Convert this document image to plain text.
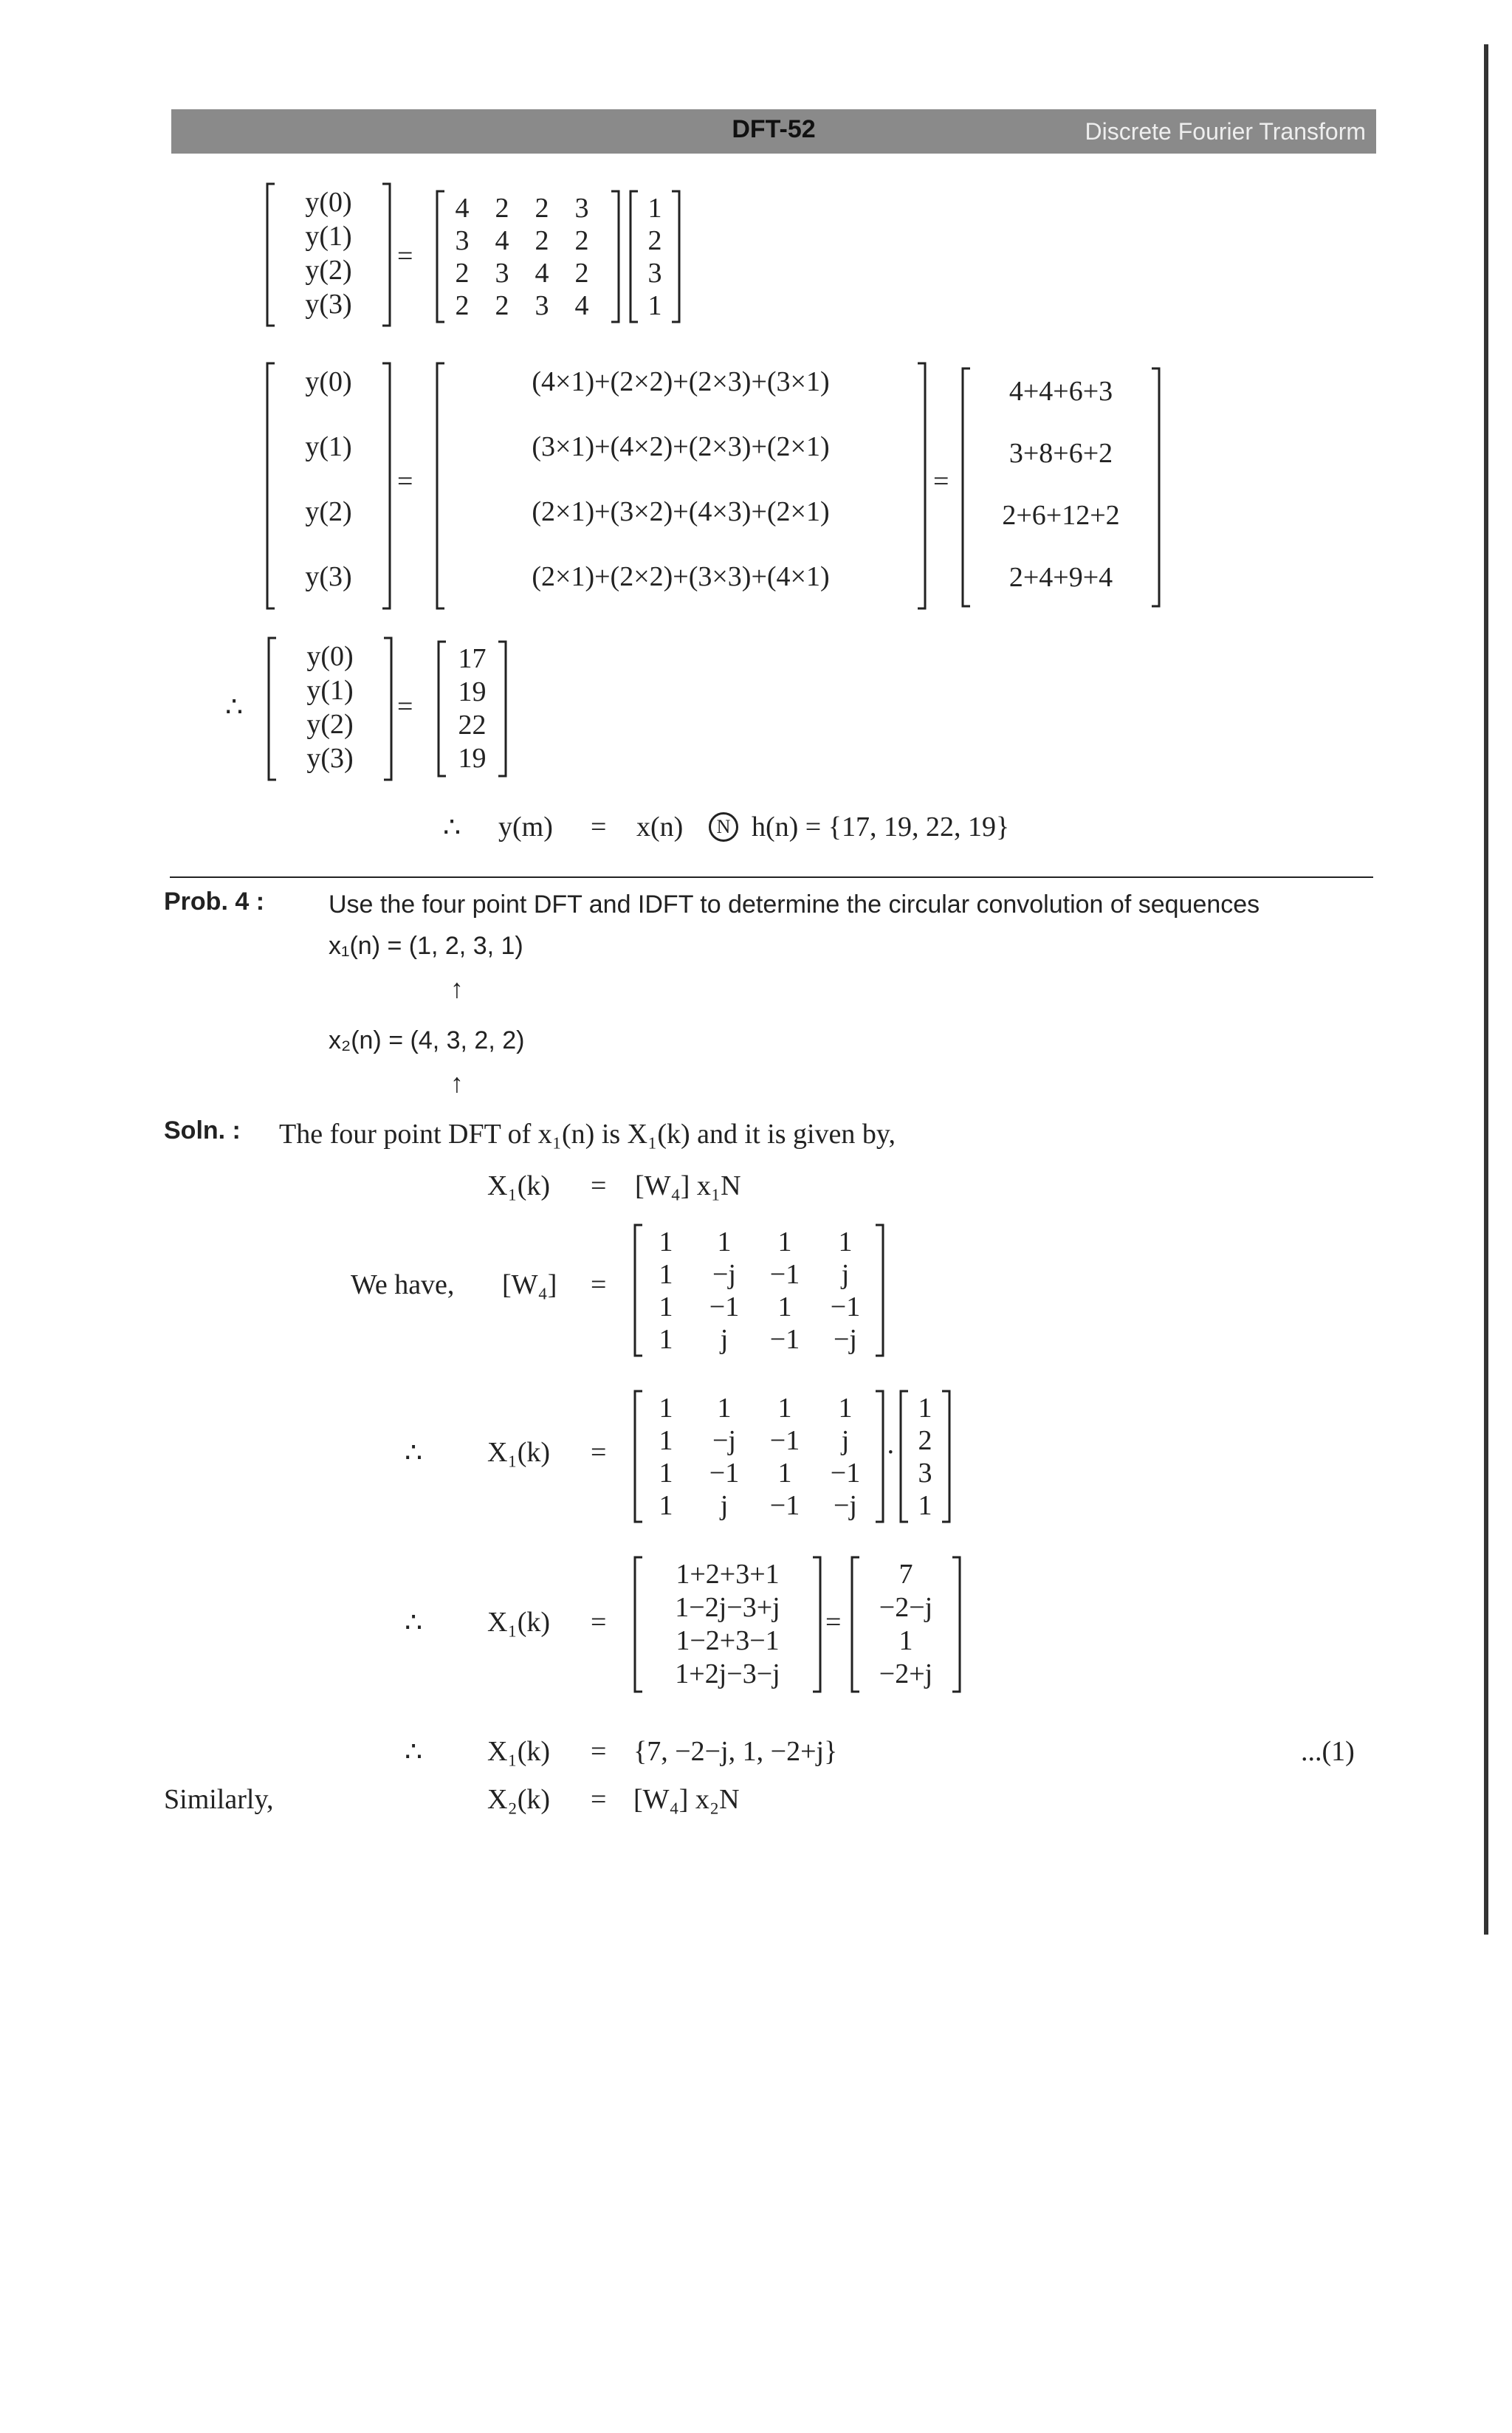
DFT-52	Discrete Fourier Transform
y(0)
y(1)
y(2)
y(3)
=
4 2 2 3
3 4 2 2
2 3 4 2
2 2 3 4
1
2
3
1
y(0)
y(1)
y(2)
y(3)
=
(4×1)+(2×2)+(2×3)+(3×1)
(3×1)+(4×2)+(2×3)+(2×1)
(2×1)+(3×2)+(4×3)+(2×1)
(2×1)+(2×2)+(3×3)+(4×1)
=
4+4+6+3
3+8+6+2
2+6+12+2
2+4+9+4
∴
y(0)
y(1)
y(2)
y(3)
=
17
19
22
19
∴ y(m) = x(n)	N h(n) = {17, 19, 22, 19}
Prob. 4 :	Use the four point DFT and IDFT to determine the circular convolution of sequences
x₁(n) = (1, 2, 3, 1)
↑
x₂(n) = (4, 3, 2, 2)
↑
Soln. : The four point DFT of x₁(n) is X₁(k) and it is given by,
X₁(k) = [W₄] x₁N
We have, [W₄] =
1	1	1	1
1	−j	−1	j
1	−1	1	−1
1	j	−1	−j
∴ X₁(k) =
1	1	1	1
1	−j	−1	j
1	−1	1	−1
1	j	−1	−j
·
1
2
3
1
∴ X₁(k) =
1+2+3+1
1−2j−3+j
1−2+3−1
1+2j−3−j
=
7
−2−j
1
−2+j
∴ X₁(k) = {7, −2−j, 1, −2+j}	...(1)
Similarly,	X₂(k) = [W₄] x₂N
